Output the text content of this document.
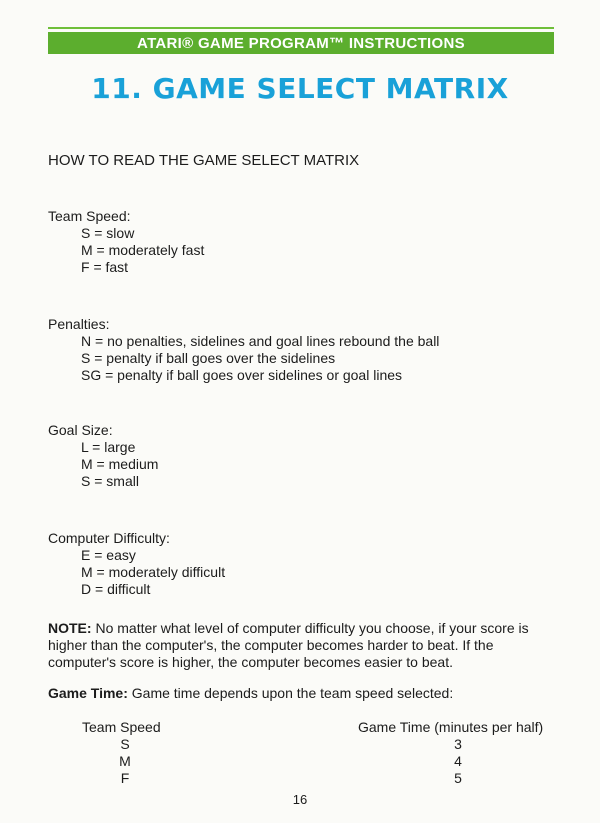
ATARI® GAME PROGRAM™ INSTRUCTIONS
11. GAME SELECT MATRIX
HOW TO READ THE GAME SELECT MATRIX
Team Speed:
S = slow
M = moderately fast
F = fast
Penalties:
N = no penalties, sidelines and goal lines rebound the ball
S = penalty if ball goes over the sidelines
SG = penalty if ball goes over sidelines or goal lines
Goal Size:
L = large
M = medium
S = small
Computer Difficulty:
E = easy
M = moderately difficult
D = difficult
NOTE: No matter what level of computer difficulty you choose, if your score is higher than the computer's, the computer becomes harder to beat. If the computer's score is higher, the computer becomes easier to beat.
Game Time: Game time depends upon the team speed selected:
Team Speed	Game Time (minutes per half)
S	3
M	4
F	5
16
